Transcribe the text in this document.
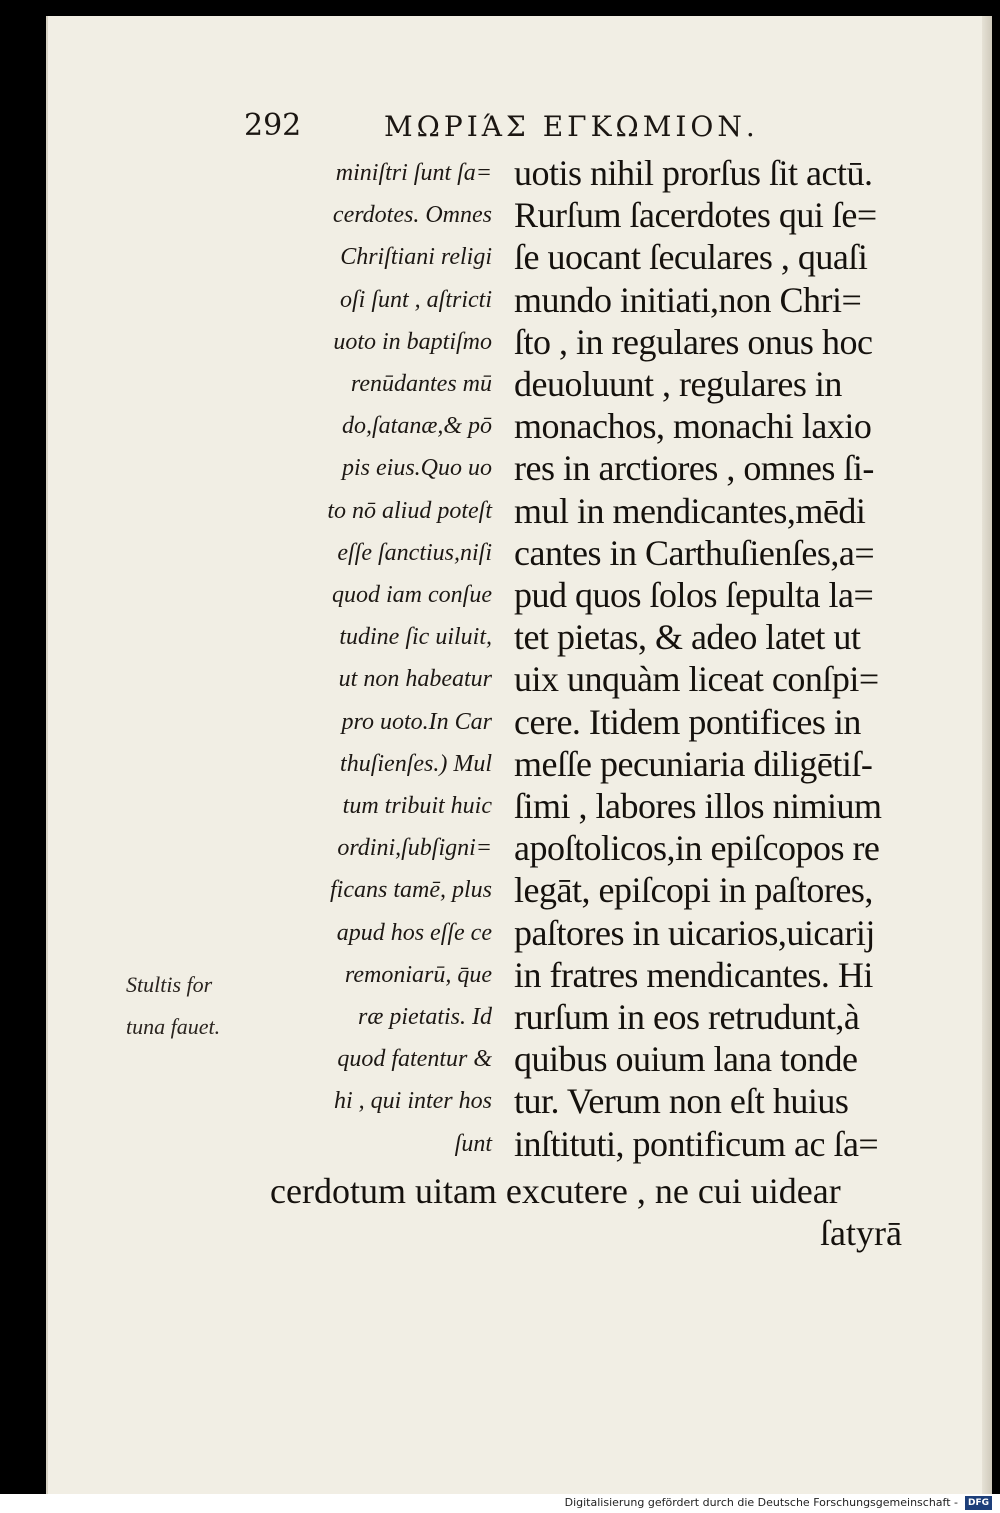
292	ΜΩΡΙΆΣ ΕΓΚΩΜΙΟΝ.
miniſtri ſunt ſa=
cerdotes. Omnes
Chriſtiani religi
oſi ſunt , aſtricti
uoto in baptiſmo
renūdantes mū
do,ſatanæ,& pō
pis eius.Quo uo
to nō aliud poteſt
eſſe ſanctius,niſi
quod iam conſue
tudine ſic uiluit,
ut non habeatur
pro uoto.In Car
thuſienſes.) Mul
tum tribuit huic
ordini,ſubſigni=
ficans tamē, plus
apud hos eſſe ce
remoniarū, q̄ue
ræ pietatis. Id
quod fatentur &
hi , qui inter hos
ſunt
uotis nihil prorſus ſit actū.
Rurſum ſacerdotes qui ſe=
ſe uocant ſeculares , quaſi
mundo initiati,non Chri=
ſto , in regulares onus hoc
deuoluunt , regulares in
monachos, monachi laxio
res in arctiores , omnes ſi-
mul in mendicantes,mēdi
cantes in Carthuſienſes,a=
pud quos ſolos ſepulta la=
tet pietas, & adeo latet ut
uix unquàm liceat conſpi=
cere. Itidem pontifices in
meſſe pecuniaria diligētiſ-
ſimi , labores illos nimium
apoſtolicos,in epiſcopos re
legāt, epiſcopi in paſtores,
paſtores in uicarios,uicarij
in fratres mendicantes. Hi
rurſum in eos retrudunt,à
quibus ouium lana tonde
tur. Verum non eſt huius
inſtituti, pontificum ac ſa=
Stultis for
tuna fauet.
cerdotum uitam excutere , ne cui uidear
ſatyrā
Digitalisierung gefördert durch die Deutsche Forschungsgemeinschaft -	DFG
